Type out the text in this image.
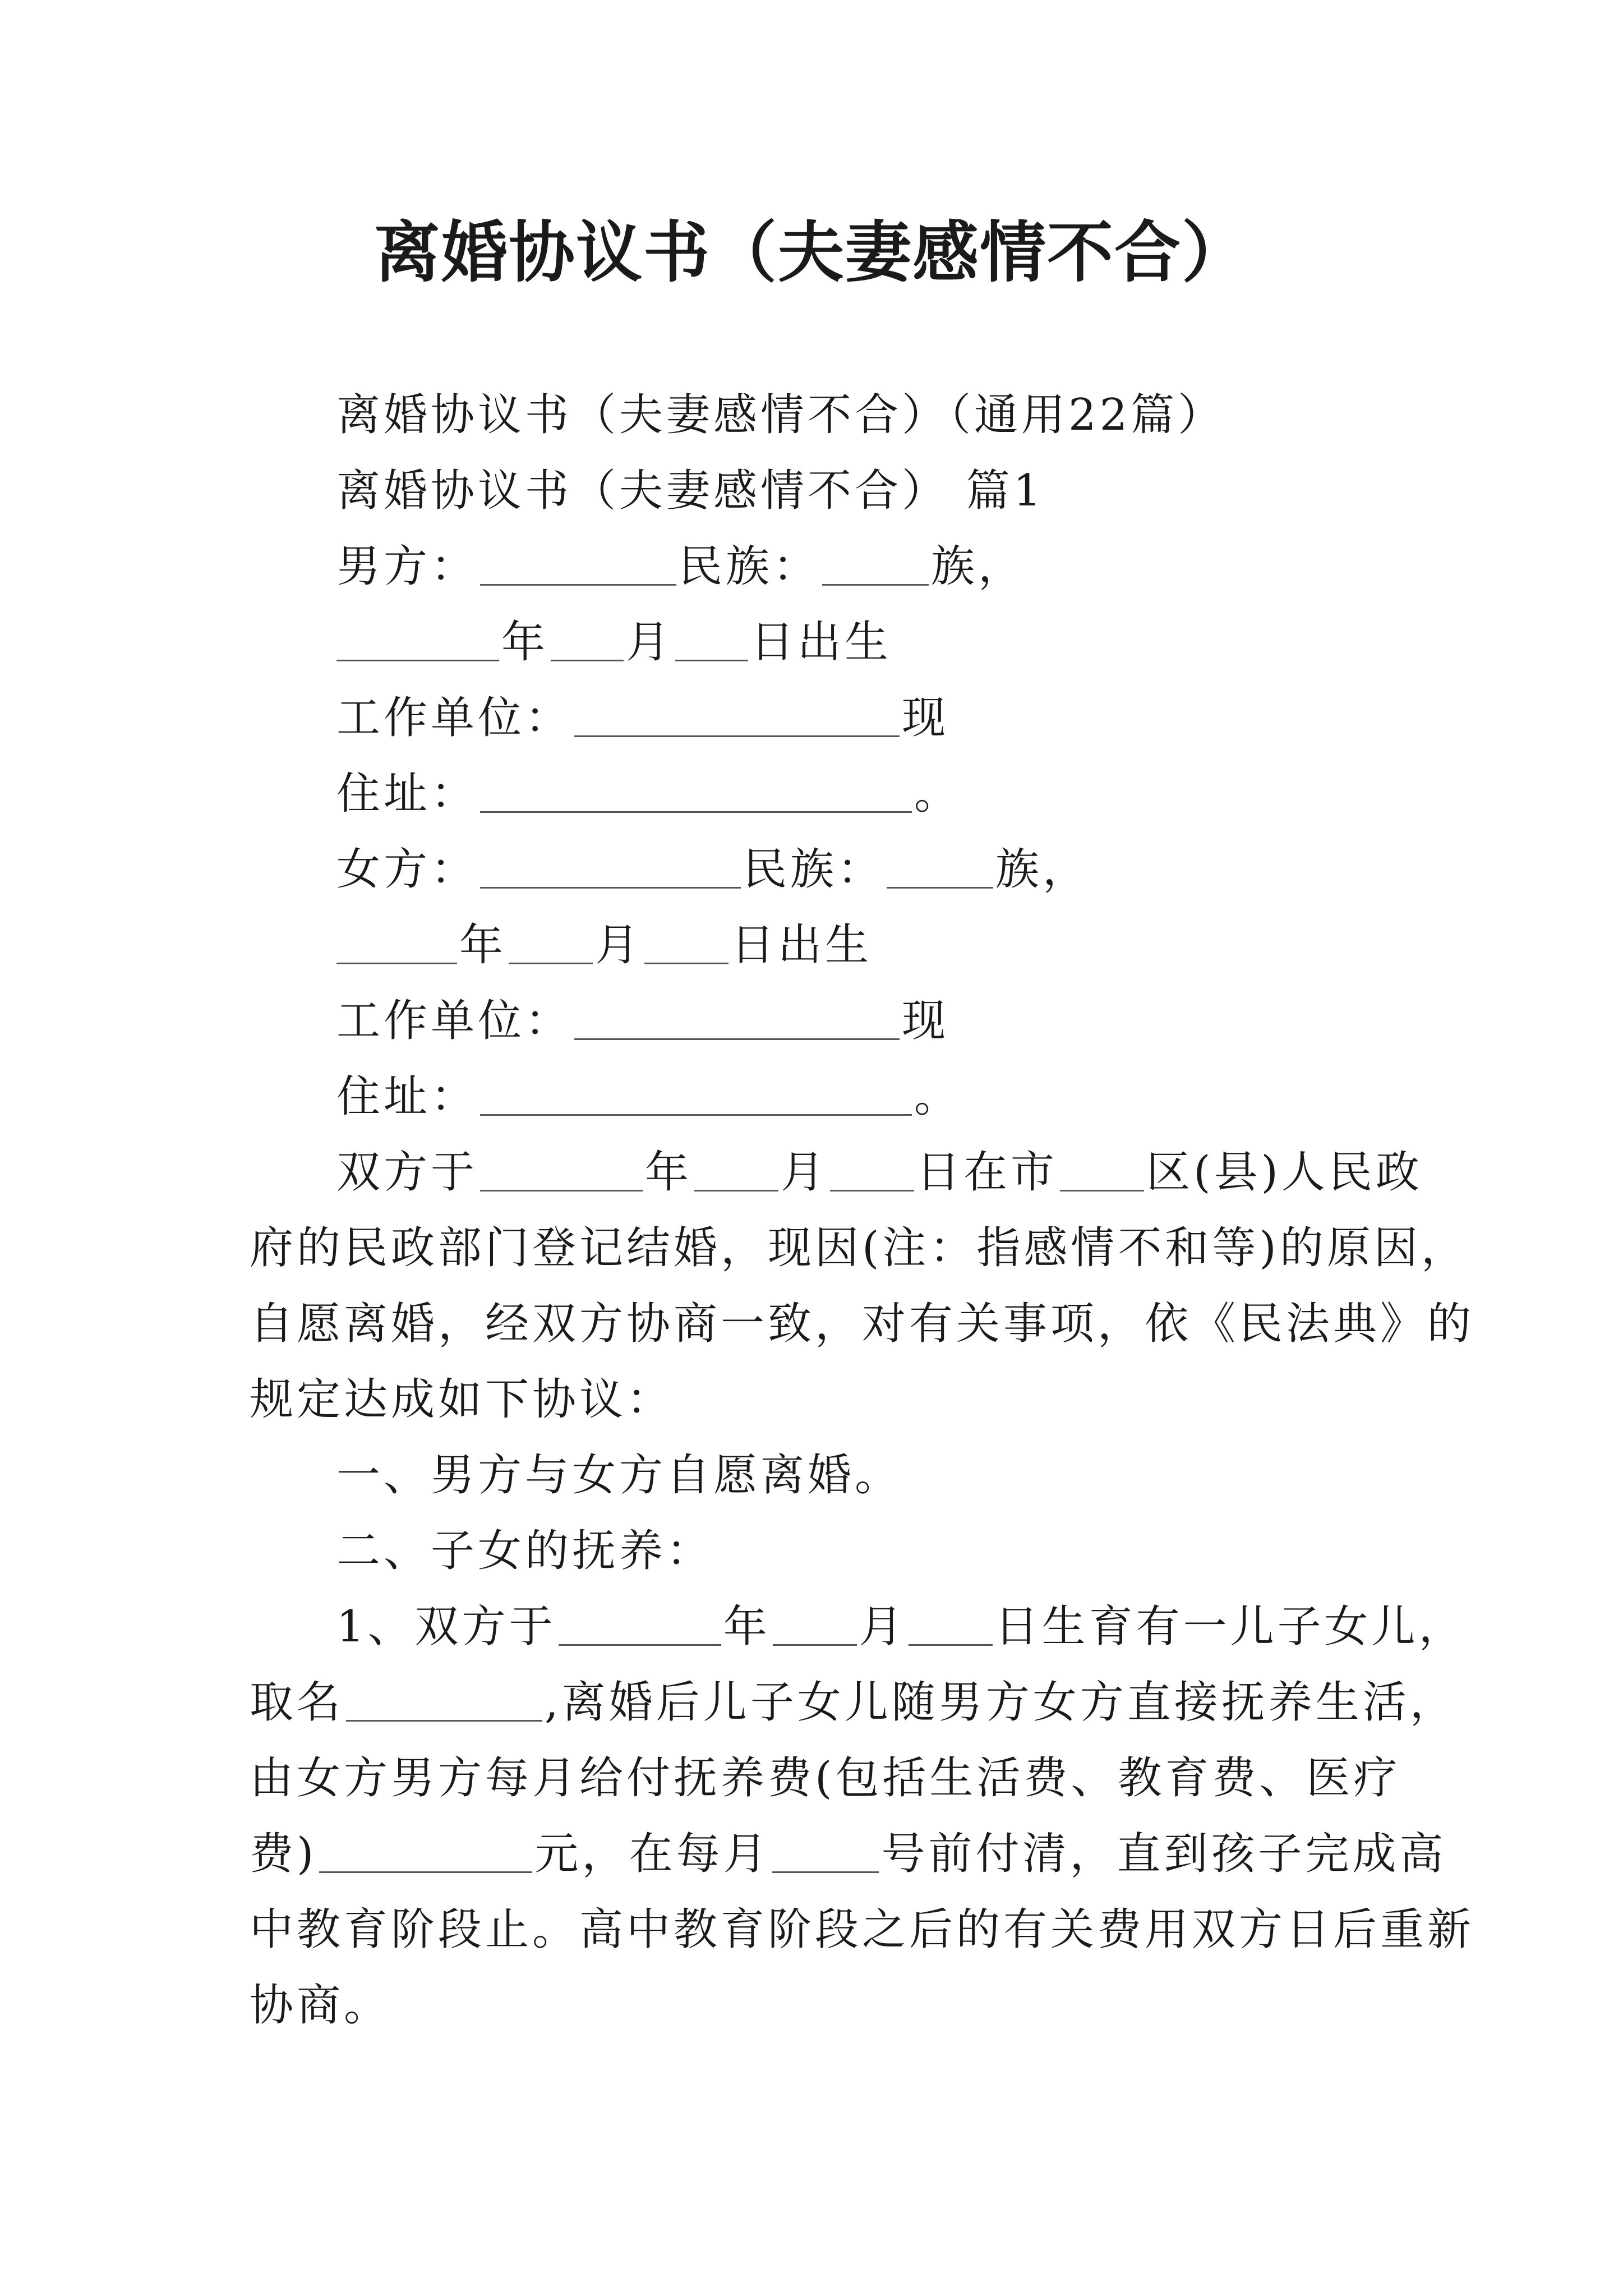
离婚协议书（夫妻感情不合）
离婚协议书（夫妻感情不合）（通用22篇）
离婚协议书（夫妻感情不合） 篇1
男方：	民族：	族，
年 月 日出生
工作单位：	现
住址：	。
女方：	民族：	族，
年 月 日出生
工作单位：	现
住址：	。
双方于	年 月 日在市 区(县)人民政
府的民政部门登记结婚，现因(注：指感情不和等)的原因，
自愿离婚，经双方协商一致，对有关事项，依《民法典》的
规定达成如下协议：
一、男方与女方自愿离婚。
二、子女的抚养：
1、双方于	年 月 日生育有一儿子女儿，
取名	,离婚后儿子女儿随男方女方直接抚养生活，
由女方男方每月给付抚养费(包括生活费、教育费、医疗
费)	元，在每月	号前付清，直到孩子完成高
中教育阶段止。高中教育阶段之后的有关费用双方日后重新
协商。
